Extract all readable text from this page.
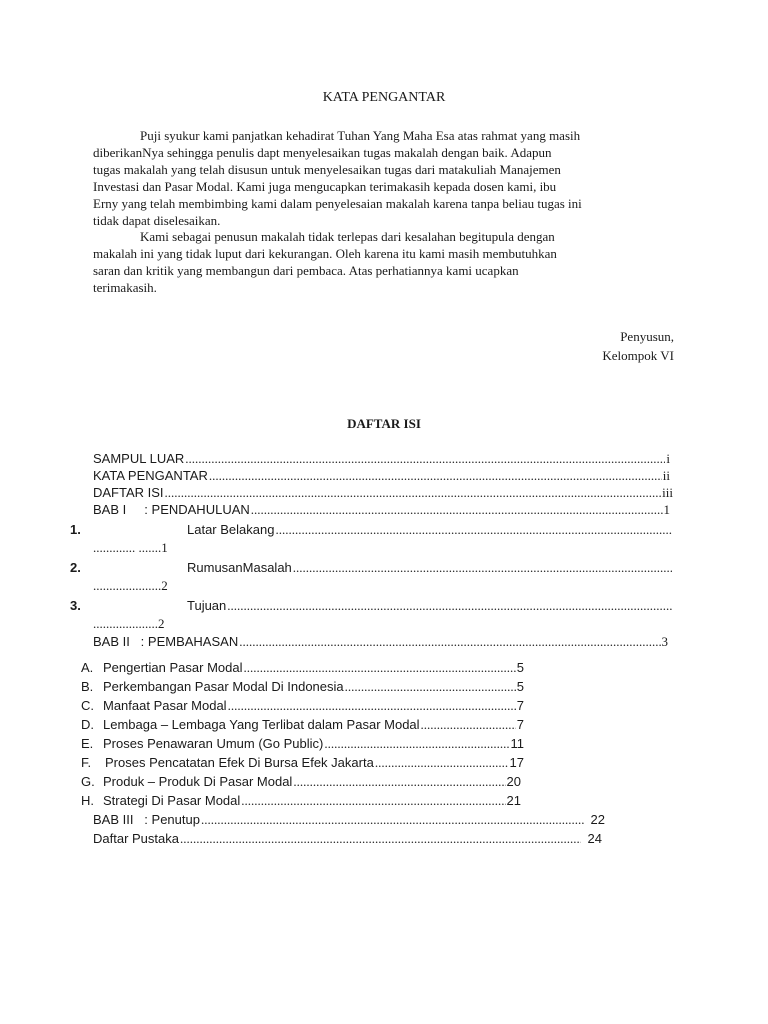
KATA PENGANTAR
Puji syukur kami panjatkan kehadirat Tuhan Yang Maha Esa atas rahmat yang masih
diberikanNya sehingga penulis dapt menyelesaikan tugas makalah dengan baik. Adapun
tugas makalah yang telah disusun untuk menyelesaikan tugas dari matakuliah Manajemen
Investasi dan Pasar Modal. Kami juga mengucapkan terimakasih kepada dosen kami, ibu
Erny yang telah membimbing kami dalam penyelesaian makalah karena tanpa beliau tugas ini
tidak dapat diselesaikan.
Kami sebagai penusun makalah tidak terlepas dari kesalahan begitupula dengan
makalah ini yang tidak luput dari kekurangan. Oleh karena itu kami masih membutuhkan
saran dan kritik yang membangun dari pembaca. Atas perhatiannya kami ucapkan
terimakasih.
Penyusun,
Kelompok VI
DAFTAR ISI
SAMPUL LUAR .....	i
KATA PENGANTAR .....	ii
DAFTAR ISI .....	iii
BAB I     : PENDAHULUAN .....	1
1.	Latar Belakang
.....
............. .......1
2.	RumusanMasalah
.....
.....................2
3.	Tujuan
.....
....................2
BAB II   : PEMBAHASAN .....	3
A. Pengertian Pasar Modal .....	5
B. Perkembangan Pasar Modal Di Indonesia .....	5
C. Manfaat Pasar Modal .....	7
D. Lembaga – Lembaga Yang Terlibat dalam Pasar Modal .....	7
E. Proses Penawaran Umum (Go Public) .....	11
F.	Proses Pencatatan Efek Di Bursa Efek Jakarta .....	17
G. Produk – Produk Di Pasar Modal .....	20
H. Strategi Di Pasar Modal .....	21
BAB III   : Penutup .....	22
Daftar Pustaka .....	24
